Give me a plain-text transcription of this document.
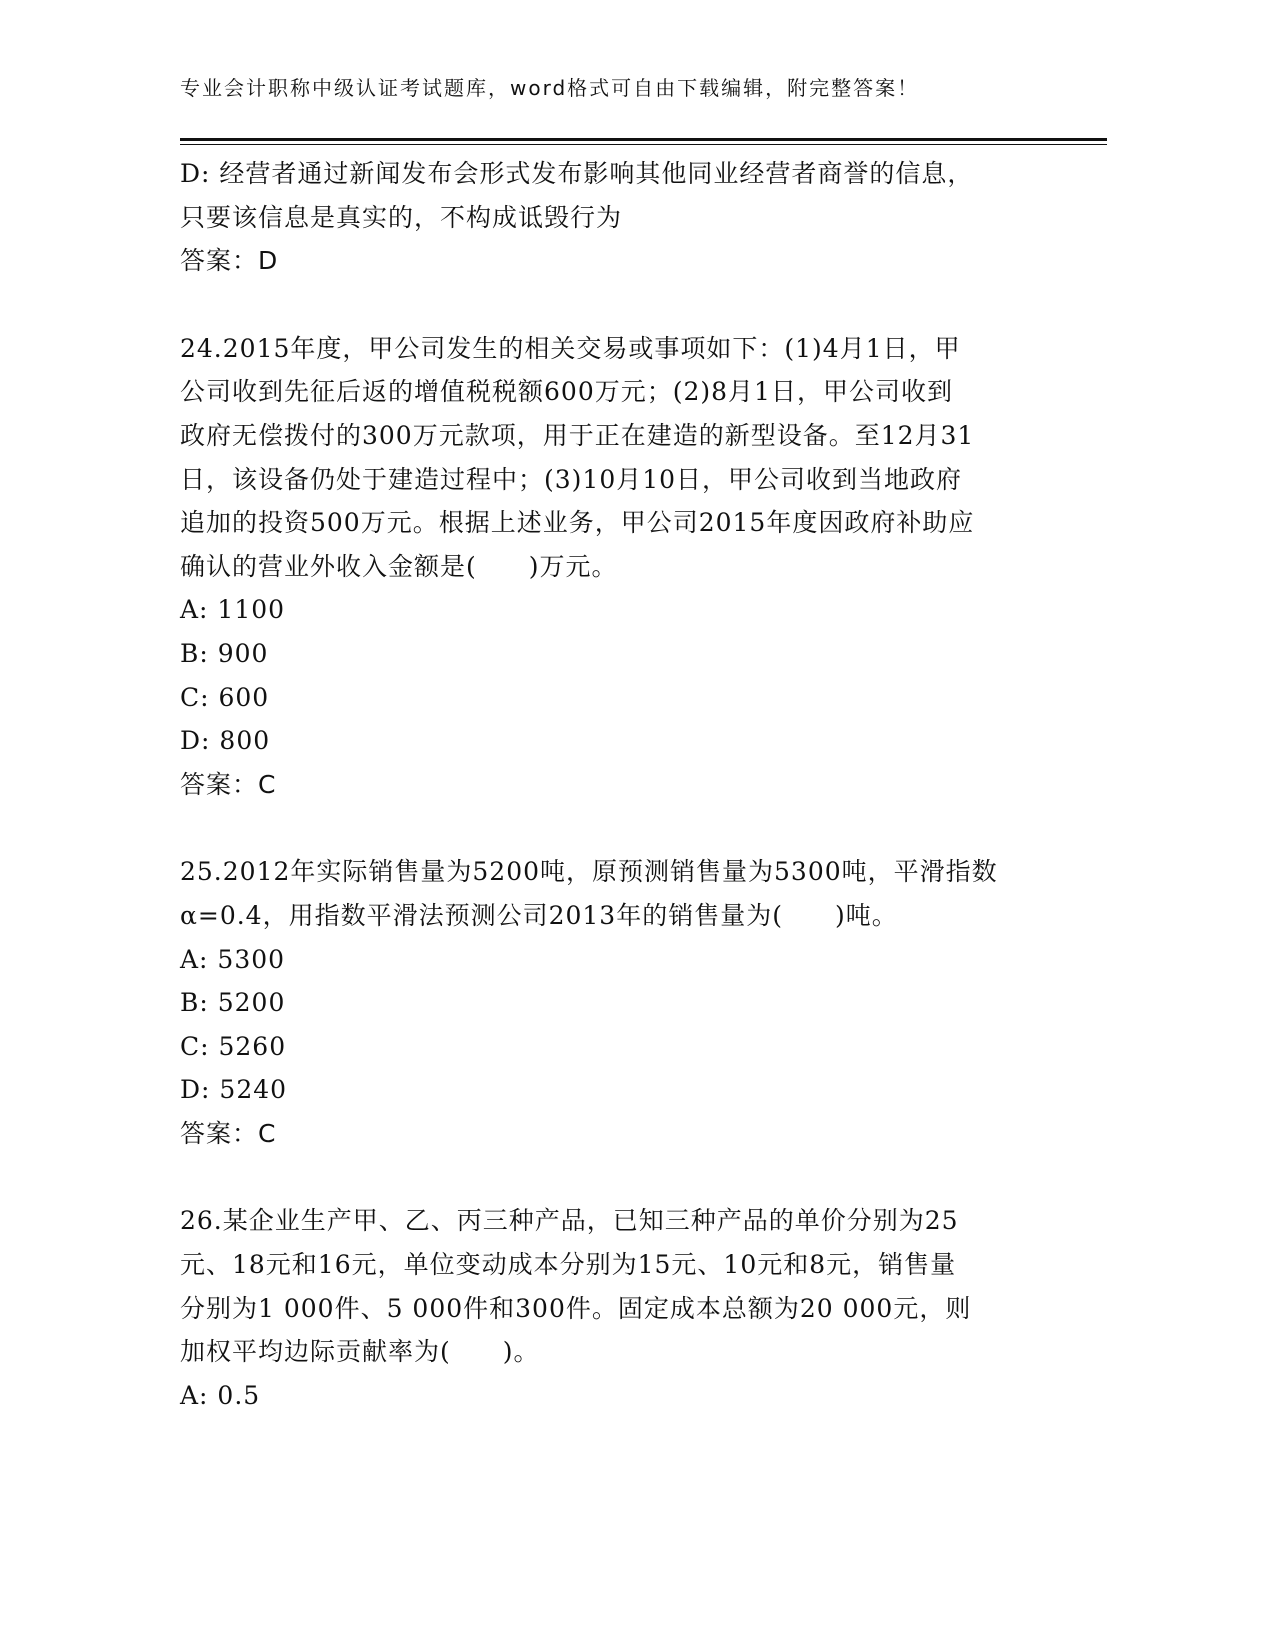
专业会计职称中级认证考试题库，word格式可自由下载编辑，附完整答案！
D: 经营者通过新闻发布会形式发布影响其他同业经营者商誉的信息，
只要该信息是真实的，不构成诋毁行为
答案：D
24.2015年度，甲公司发生的相关交易或事项如下：(1)4月1日，甲
公司收到先征后返的增值税税额600万元；(2)8月1日，甲公司收到
政府无偿拨付的300万元款项，用于正在建造的新型设备。至12月31
日，该设备仍处于建造过程中；(3)10月10日，甲公司收到当地政府
追加的投资500万元。根据上述业务，甲公司2015年度因政府补助应
确认的营业外收入金额是(　　)万元。
A: 1100
B: 900
C: 600
D: 800
答案：C
25.2012年实际销售量为5200吨，原预测销售量为5300吨，平滑指数
α=0.4，用指数平滑法预测公司2013年的销售量为(　　)吨。
A: 5300
B: 5200
C: 5260
D: 5240
答案：C
26.某企业生产甲、乙、丙三种产品，已知三种产品的单价分别为25
元、18元和16元，单位变动成本分别为15元、10元和8元，销售量
分别为1 000件、5 000件和300件。固定成本总额为20 000元，则
加权平均边际贡献率为(　　)。
A: 0.5
